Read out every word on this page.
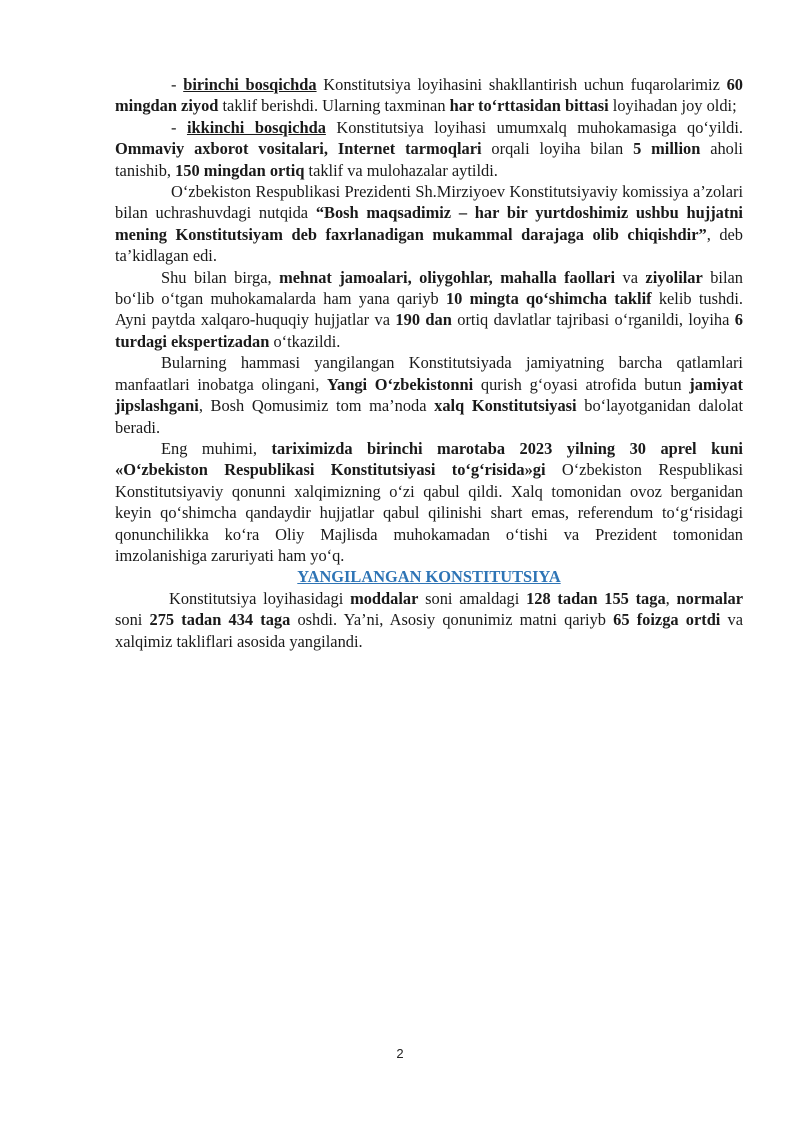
- birinchi bosqichda Konstitutsiya loyihasini shakllantirish uchun fuqarolarimiz 60 mingdan ziyod taklif berishdi. Ularning taxminan har to‘rttasidan bittasi loyihadan joy oldi;

- ikkinchi bosqichda Konstitutsiya loyihasi umumxalq muhokamasiga qo‘yildi. Ommaviy axborot vositalari, Internet tarmoqlari orqali loyiha bilan 5 million aholi tanishib, 150 mingdan ortiq taklif va mulohazalar aytildi.

O‘zbekiston Respublikasi Prezidenti Sh.Mirziyoev Konstitutsiyaviy komissiya a’zolari bilan uchrashuvdagi nutqida “Bosh maqsadimiz – har bir yurtdoshimiz ushbu hujjatni mening Konstitutsiyam deb faxrlanadigan mukammal darajaga olib chiqishdir”, deb ta’kidlagan edi.

Shu bilan birga, mehnat jamoalari, oliygohlar, mahalla faollari va ziyolilar bilan bo‘lib o‘tgan muhokamalarda ham yana qariyb 10 mingta qo‘shimcha taklif kelib tushdi. Ayni paytda xalqaro-huquqiy hujjatlar va 190 dan ortiq davlatlar tajribasi o‘rganildi, loyiha 6 turdagi ekspertizadan o‘tkazildi.

Bularning hammasi yangilangan Konstitutsiyada jamiyatning barcha qatlamlari manfaatlari inobatga olingani, Yangi O‘zbekistonni qurish g‘oyasi atrofida butun jamiyat jipslashgani, Bosh Qomusimiz tom ma’noda xalq Konstitutsiyasi bo‘layotganidan dalolat beradi.

Eng muhimi, tariximizda birinchi marotaba 2023 yilning 30 aprel kuni «O‘zbekiston Respublikasi Konstitutsiyasi to‘g‘risida»gi O‘zbekiston Respublikasi Konstitutsiyaviy qonunni xalqimizning o‘zi qabul qildi. Xalq tomonidan ovoz berganidan keyin qo‘shimcha qandaydir hujjatlar qabul qilinishi shart emas, referendum to‘g‘risidagi qonunchilikka ko‘ra Oliy Majlisda muhokamadan o‘tishi va Prezident tomonidan imzolanishiga zaruriyati ham yo‘q.

YANGILANGAN KONSTITUTSIYA

Konstitutsiya loyihasidagi moddalar soni amaldagi 128 tadan 155 taga, normalar soni 275 tadan 434 taga oshdi. Ya’ni, Asosiy qonunimiz matni qariyb 65 foizga ortdi va xalqimiz takliflari asosida yangilandi.

2
